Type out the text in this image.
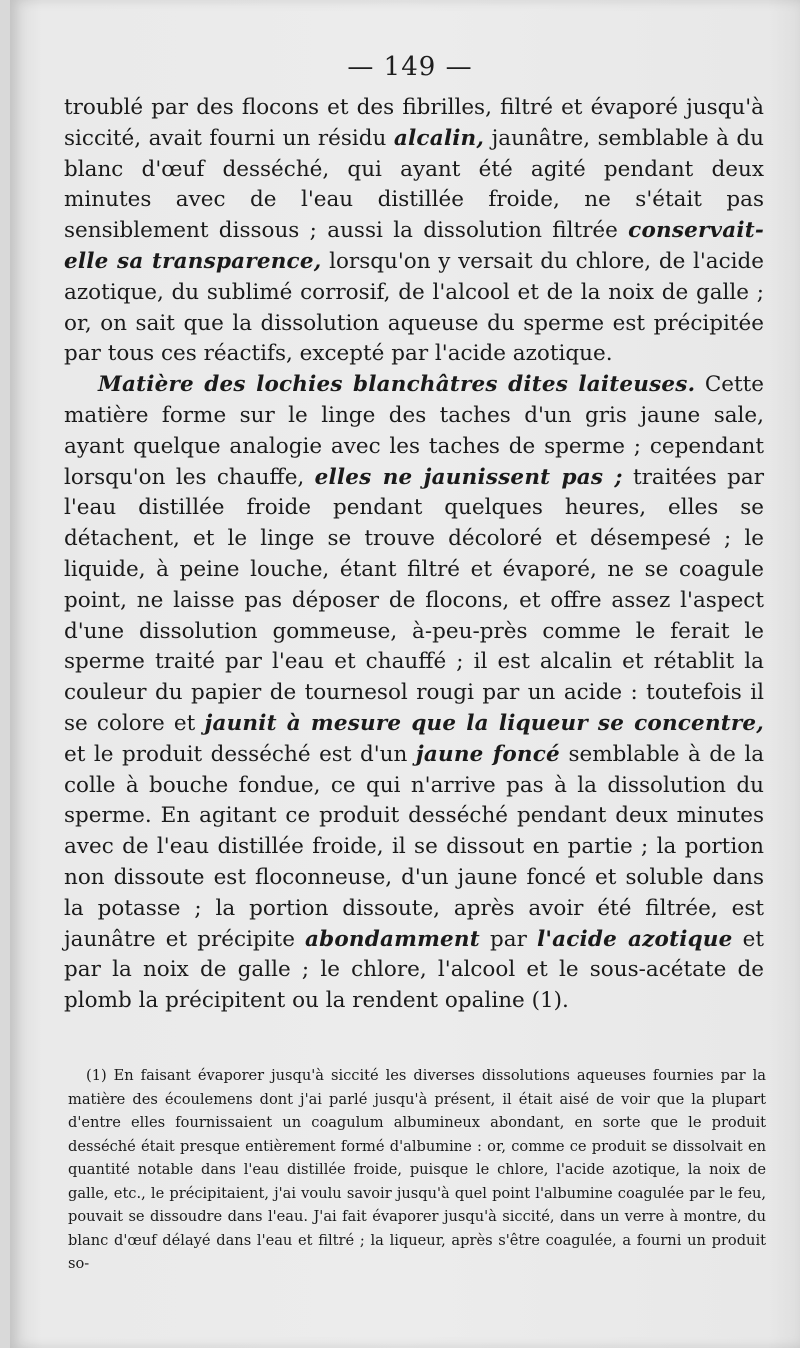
— 149 —

troublé par des flocons et des fibrilles, filtré et évaporé jusqu'à siccité, avait fourni un résidu alcalin, jaunâtre, semblable à du blanc d'œuf desséché, qui ayant été agité pendant deux minutes avec de l'eau distillée froide, ne s'était pas sensiblement dissous ; aussi la dissolution filtrée conservait-elle sa transparence, lorsqu'on y versait du chlore, de l'acide azotique, du sublimé corrosif, de l'alcool et de la noix de galle ; or, on sait que la dissolution aqueuse du sperme est précipitée par tous ces réactifs, excepté par l'acide azotique.

Matière des lochies blanchâtres dites laiteuses. Cette matière forme sur le linge des taches d'un gris jaune sale, ayant quelque analogie avec les taches de sperme ; cependant lorsqu'on les chauffe, elles ne jaunissent pas ; traitées par l'eau distillée froide pendant quelques heures, elles se détachent, et le linge se trouve décoloré et désempesé ; le liquide, à peine louche, étant filtré et évaporé, ne se coagule point, ne laisse pas déposer de flocons, et offre assez l'aspect d'une dissolution gommeuse, à-peu-près comme le ferait le sperme traité par l'eau et chauffé ; il est alcalin et rétablit la couleur du papier de tournesol rougi par un acide : toutefois il se colore et jaunit à mesure que la liqueur se concentre, et le produit desséché est d'un jaune foncé semblable à de la colle à bouche fondue, ce qui n'arrive pas à la dissolution du sperme. En agitant ce produit desséché pendant deux minutes avec de l'eau distillée froide, il se dissout en partie ; la portion non dissoute est floconneuse, d'un jaune foncé et soluble dans la potasse ; la portion dissoute, après avoir été filtrée, est jaunâtre et précipite abondamment par l'acide azotique et par la noix de galle ; le chlore, l'alcool et le sous-acétate de plomb la précipitent ou la rendent opaline (1).

(1) En faisant évaporer jusqu'à siccité les diverses dissolutions aqueuses fournies par la matière des écoulemens dont j'ai parlé jusqu'à présent, il était aisé de voir que la plupart d'entre elles fournissaient un coagulum albumineux abondant, en sorte que le produit desséché était presque entièrement formé d'albumine : or, comme ce produit se dissolvait en quantité notable dans l'eau distillée froide, puisque le chlore, l'acide azotique, la noix de galle, etc., le précipitaient, j'ai voulu savoir jusqu'à quel point l'albumine coagulée par le feu, pouvait se dissoudre dans l'eau. J'ai fait évaporer jusqu'à siccité, dans un verre à montre, du blanc d'œuf délayé dans l'eau et filtré ; la liqueur, après s'être coagulée, a fourni un produit so-
